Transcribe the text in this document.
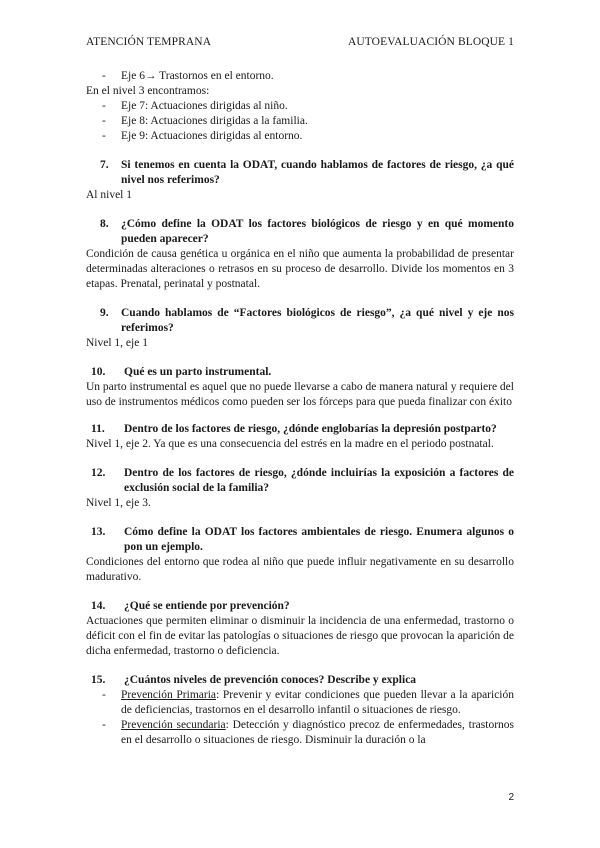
ATENCIÓN TEMPRANA	AUTOEVALUACIÓN BLOQUE 1
- Eje 6→ Trastornos en el entorno.

En el nivel 3 encontramos:

- Eje 7: Actuaciones dirigidas al niño.
- Eje 8: Actuaciones dirigidas a la familia.
- Eje 9: Actuaciones dirigidas al entorno.
7.	Si tenemos en cuenta la ODAT, cuando hablamos de factores de riesgo, ¿a qué nivel nos referimos?

Al nivel 1

8.	¿Cómo define la ODAT los factores biológicos de riesgo y en qué momento pueden aparecer?

Condición de causa genética u orgánica en el niño que aumenta la probabilidad de presentar determinadas alteraciones o retrasos en su proceso de desarrollo. Divide los momentos en 3 etapas. Prenatal, perinatal y postnatal.

9.	Cuando hablamos de “Factores biológicos de riesgo”, ¿a qué nivel y eje nos referimos?

Nivel 1, eje 1

10.	Qué es un parto instrumental.

Un parto instrumental es aquel que no puede llevarse a cabo de manera natural y requiere del uso de instrumentos médicos como pueden ser los fórceps para que pueda finalizar con éxito

11.	Dentro de los factores de riesgo, ¿dónde englobarías la depresión postparto?

Nivel 1, eje 2. Ya que es una consecuencia del estrés en la madre en el periodo postnatal.

12.	Dentro de los factores de riesgo, ¿dónde incluirías la exposición a factores de exclusión social de la familia?

Nivel 1, eje 3.

13.	Cómo define la ODAT los factores ambientales de riesgo. Enumera algunos o pon un ejemplo.

Condiciones del entorno que rodea al niño que puede influir negativamente en su desarrollo madurativo.

14.	¿Qué se entiende por prevención?

Actuaciones que permiten eliminar o disminuir la incidencia de una enfermedad, trastorno o déficit con el fin de evitar las patologías o situaciones de riesgo que provocan la aparición de dicha enfermedad, trastorno o deficiencia.

15.	¿Cuántos niveles de prevención conoces? Describe y explica
- Prevención Primaria: Prevenir y evitar condiciones que pueden llevar a la aparición de deficiencias, trastornos en el desarrollo infantil o situaciones de riesgo.
- Prevención secundaria: Detección y diagnóstico precoz de enfermedades, trastornos en el desarrollo o situaciones de riesgo. Disminuir la duración o la
2
